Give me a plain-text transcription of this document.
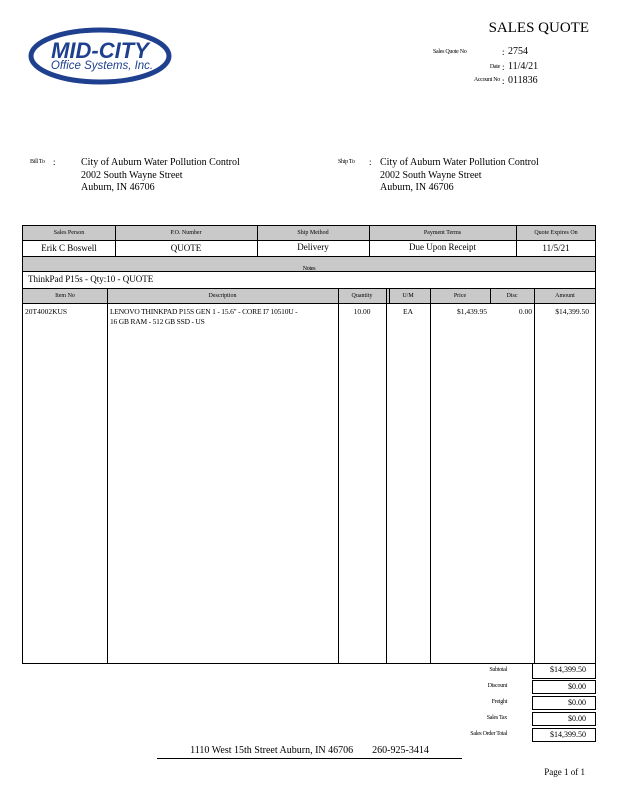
MID-CITY
Office Systems, Inc.
SALES QUOTE
Sales Quote No	: 2754
Date : 11/4/21
Account No : 011836
Bill To :	City of Auburn Water Pollution Control
2002 South Wayne Street
Auburn, IN 46706
Ship To : City of Auburn Water Pollution Control
2002 South Wayne Street
Auburn, IN 46706
Sales Person	P.O. Number	Ship Method	Payment Terms	Quote Expires On
Erik C Boswell	QUOTE	Delivery	Due Upon Receipt	11/5/21
Notes
ThinkPad P15s - Qty:10 - QUOTE
Item No	Description	Quantity	U/M	Price	Disc	Amount
20T4002KUS	LENOVO THINKPAD P15S GEN 1 - 15.6" - CORE I7 10510U -
16 GB RAM - 512 GB SSD - US
10.00	EA	$1,439.95	0.00	$14,399.50
Subtotal	$14,399.50
Discount	$0.00
Freight	$0.00
Sales Tax	$0.00
Sales Order Total	$14,399.50
1110 West 15th Street Auburn, IN 46706 260-925-3414
Page 1 of 1
